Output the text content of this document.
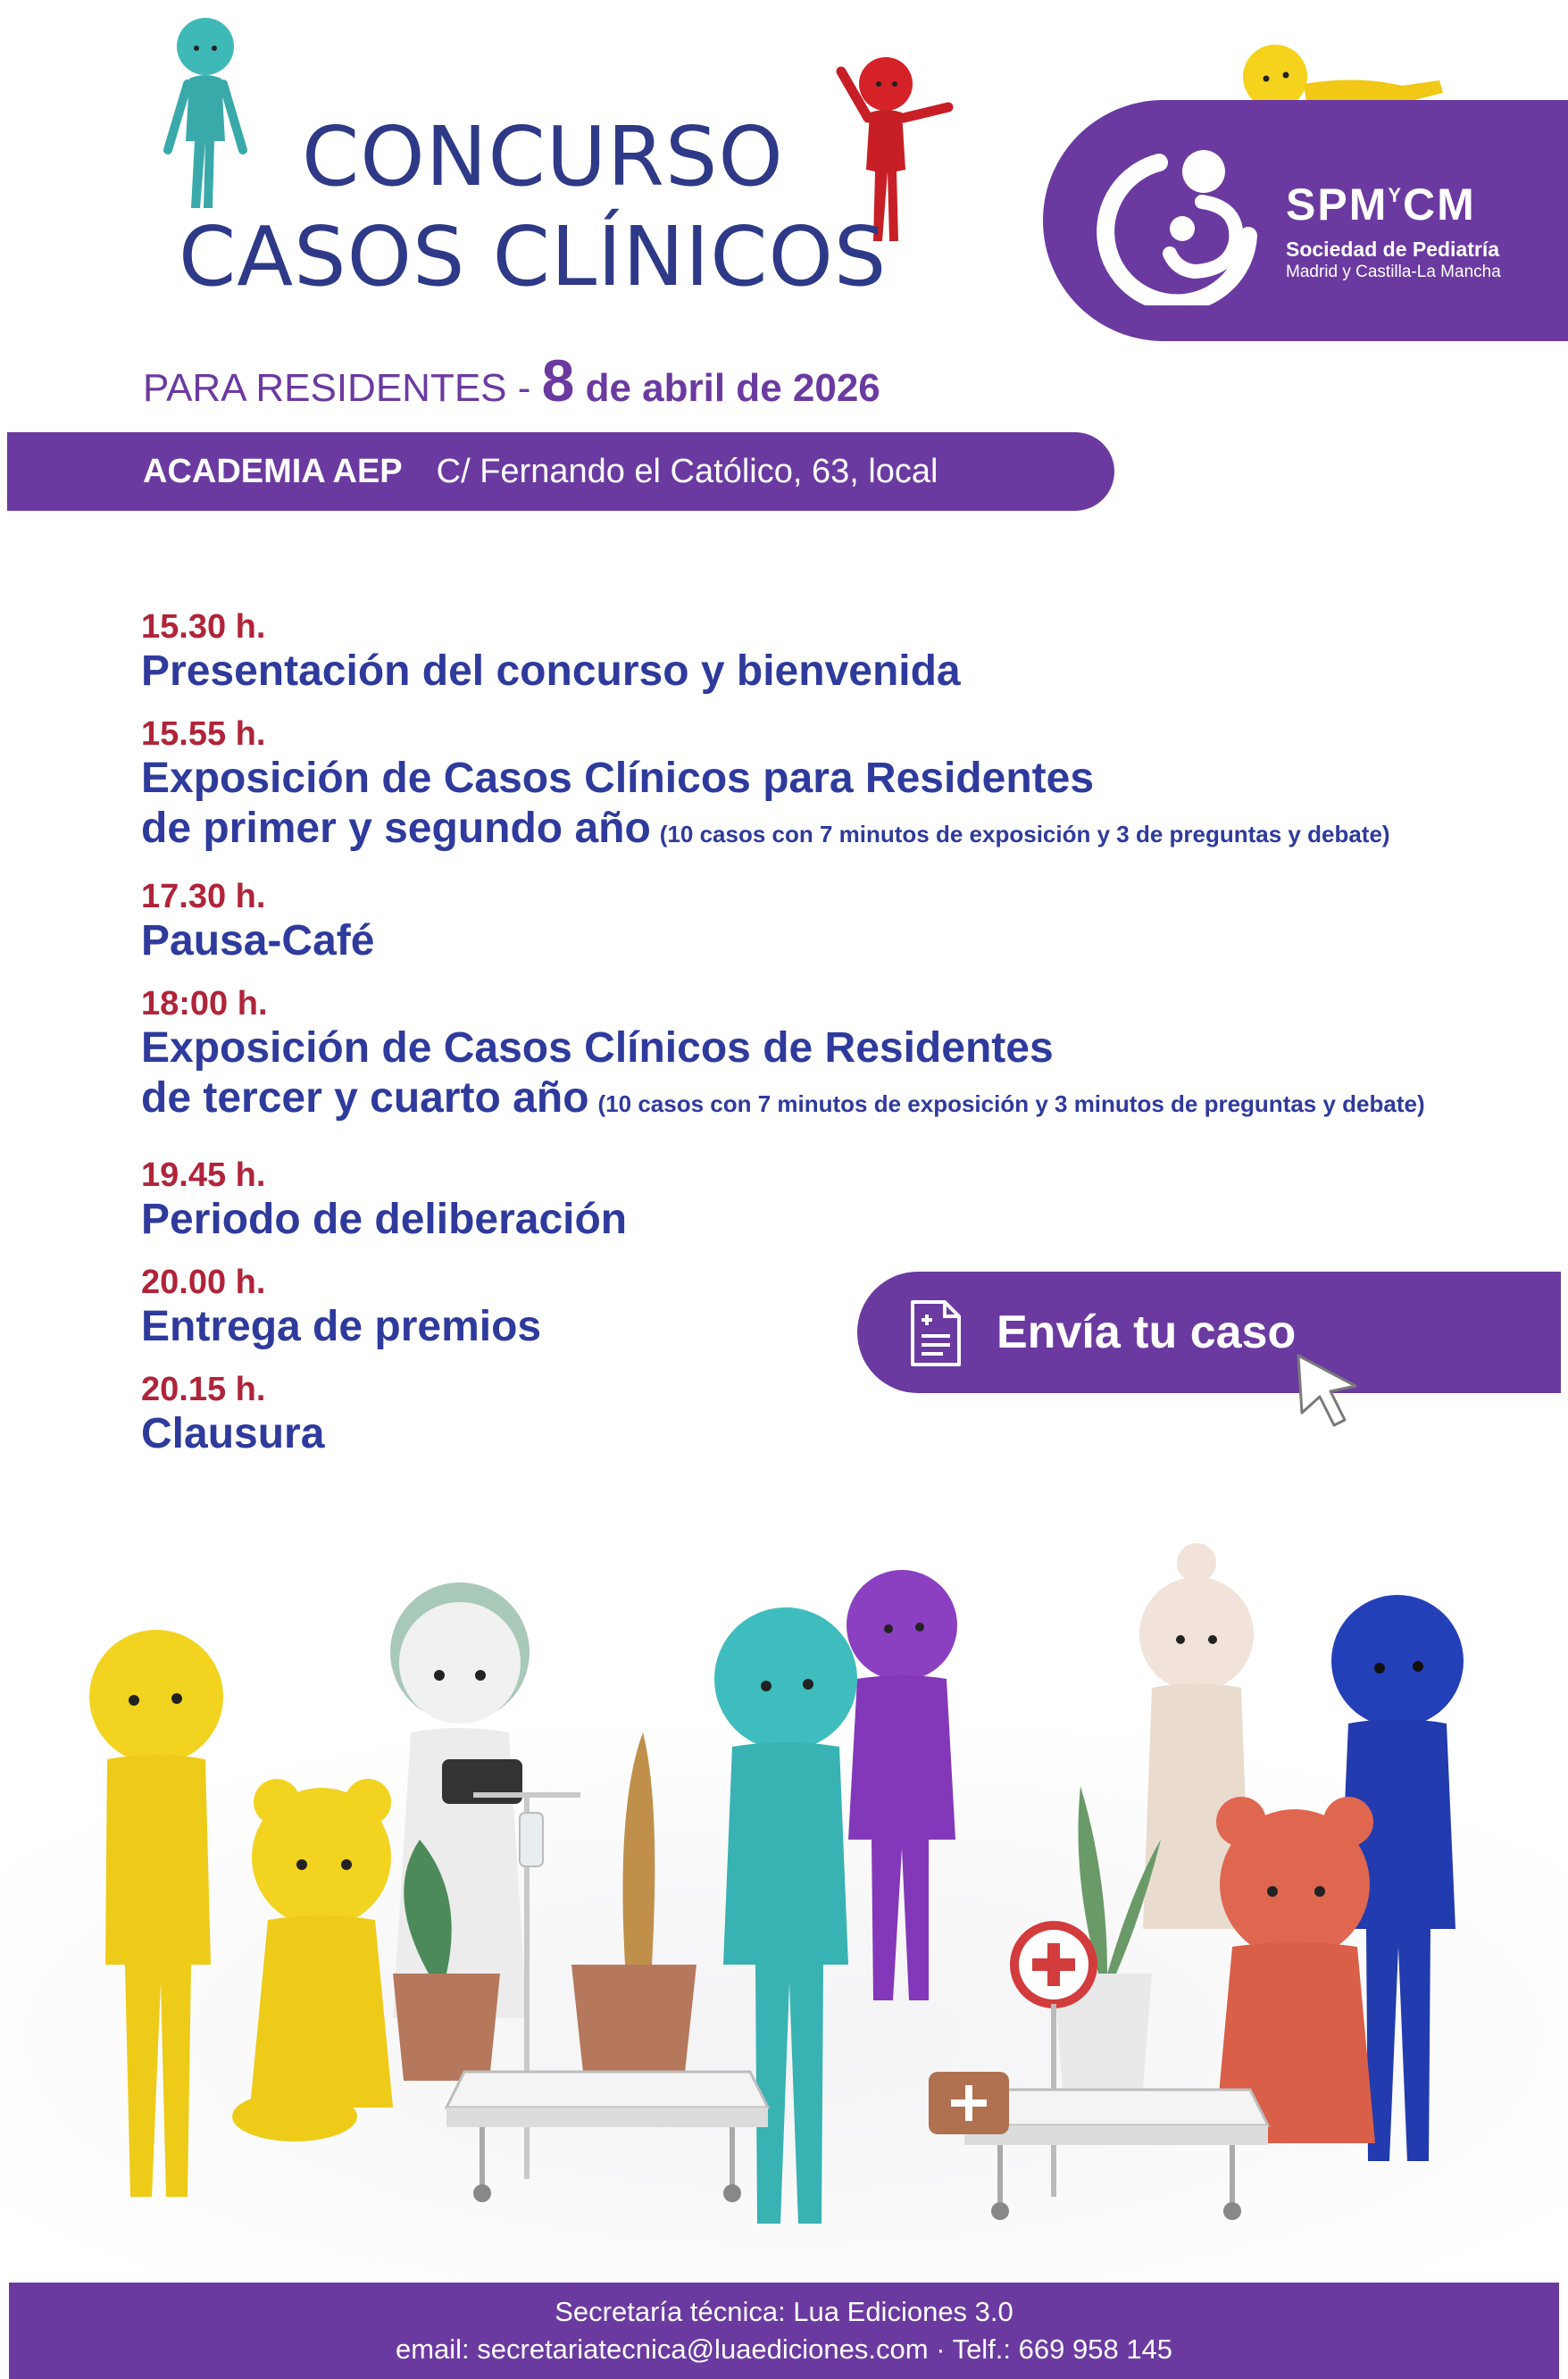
CONCURSO
CASOS CLÍNICOS
$SPM^YCM$
Sociedad de Pediatría
Madrid y Castilla-La Mancha
PARA RESIDENTES - 8 de abril de 2026
ACADEMIA AEP C/ Fernando el Católico, 63, local
15.30 h.
Presentación del concurso y bienvenida
15.55 h.
Exposición de Casos Clínicos para Residentes
de primer y segundo año (10 casos con 7 minutos de exposición y 3 de preguntas y debate)
17.30 h.
Pausa-Café
18:00 h.
Exposición de Casos Clínicos de Residentes
de tercer y cuarto año (10 casos con 7 minutos de exposición y 3 minutos de preguntas y debate)
19.45 h.
Periodo de deliberación
20.00 h.
Entrega de premios
20.15 h.
Clausura
Envía tu caso
Secretaría técnica: Lua Ediciones 3.0
email: secretariatecnica@luaediciones.com · Telf.: 669 958 145
